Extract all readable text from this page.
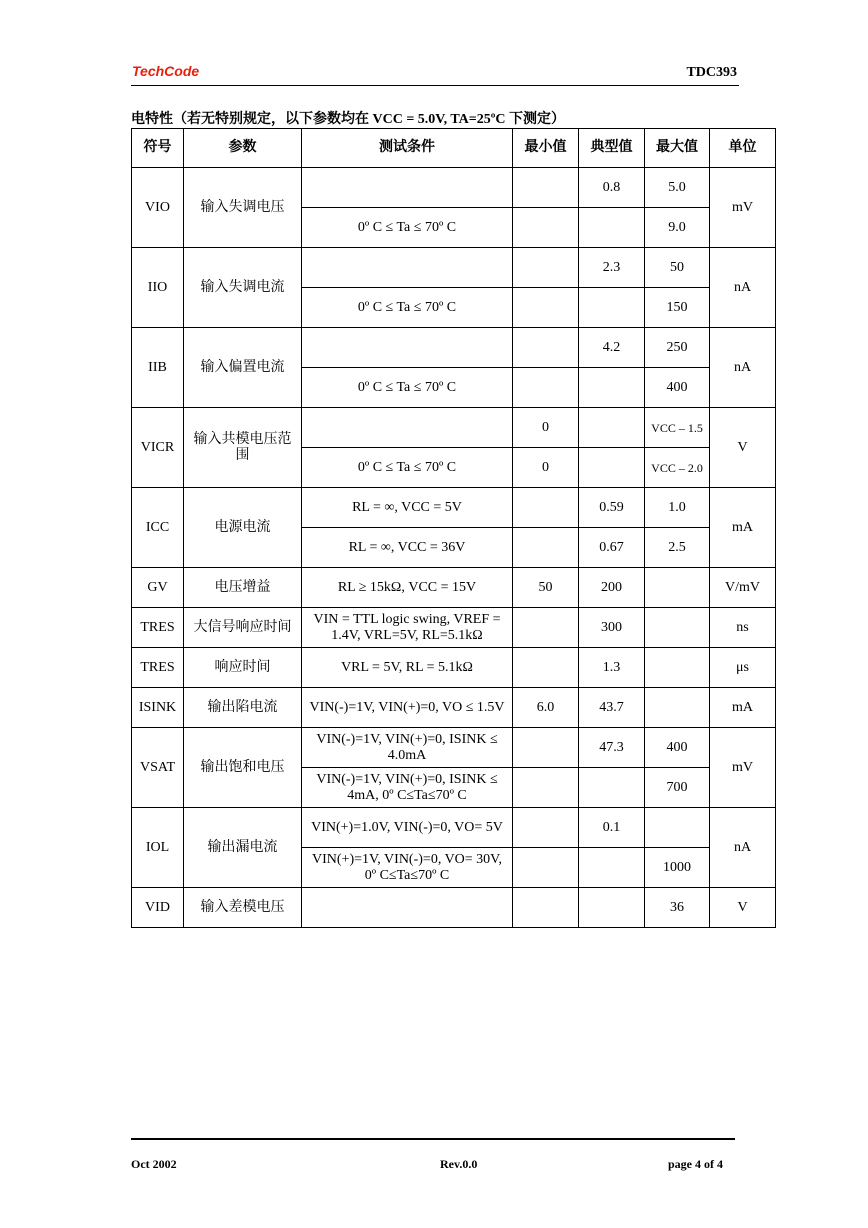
TechCode	TDC393
电特性（若无特别规定，以下参数均在 VCC = 5.0V, TA=25ºC 下测定）
符号	参数	测试条件	最小值	典型值	最大值	单位
VIO	输入失调电压			0.8	5.0	mV
		0º C ≤ Ta ≤ 70º C			9.0	
IIO	输入失调电流			2.3	50	nA
		0º C ≤ Ta ≤ 70º C			150	
IIB	输入偏置电流			4.2	250	nA
		0º C ≤ Ta ≤ 70º C			400	
VICR	输入共模电压范围		0		VCC – 1.5	V
		0º C ≤ Ta ≤ 70º C	0		VCC – 2.0	
ICC	电源电流	RL = ∞, VCC = 5V		0.59	1.0	mA
		RL = ∞, VCC = 36V		0.67	2.5	
GV	电压增益	RL ≥ 15kΩ, VCC = 15V	50	200		V/mV
TRES	大信号响应时间	VIN = TTL logic swing, VREF = 1.4V, VRL=5V, RL=5.1kΩ		300		ns
TRES	响应时间	VRL = 5V, RL = 5.1kΩ		1.3		μs
ISINK	输出陷电流	VIN(-)=1V, VIN(+)=0, VO ≤ 1.5V	6.0	43.7		mA
VSAT	输出饱和电压	VIN(-)=1V, VIN(+)=0, ISINK ≤ 4.0mA		47.3	400	mV
		VIN(-)=1V, VIN(+)=0, ISINK ≤ 4mA, 0º C≤Ta≤70º C			700	
IOL	输出漏电流	VIN(+)=1.0V, VIN(-)=0, VO= 5V		0.1		nA
		VIN(+)=1V, VIN(-)=0, VO= 30V, 0º C≤Ta≤70º C			1000	
VID	输入差模电压				36	V
Oct 2002	Rev.0.0	page 4 of 4
